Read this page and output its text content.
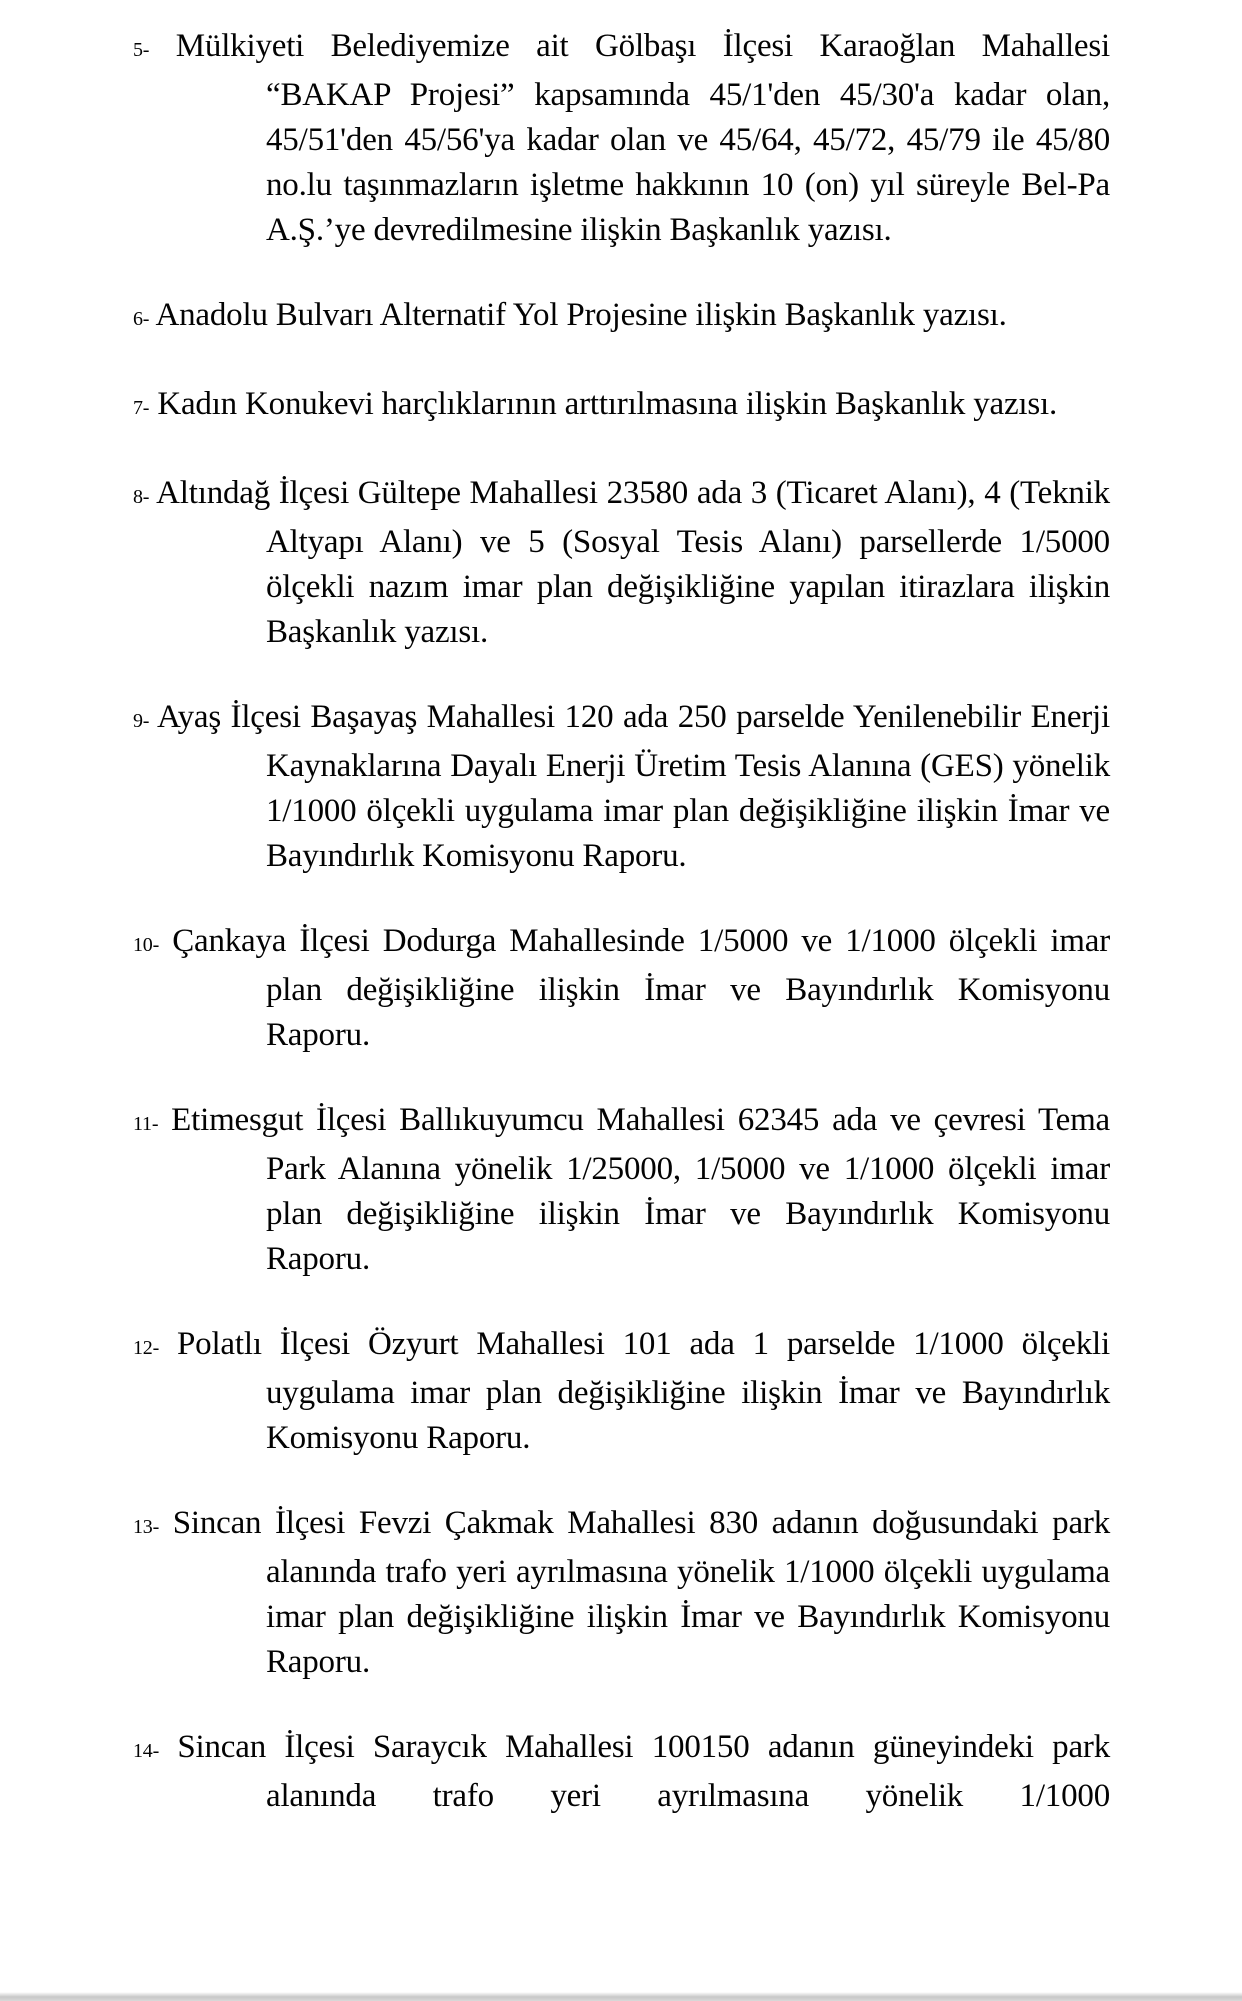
5- Mülkiyeti Belediyemize ait Gölbaşı İlçesi Karaoğlan Mahallesi “BAKAP Projesi” kapsamında 45/1'den 45/30'a kadar olan, 45/51'den 45/56'ya kadar olan ve 45/64, 45/72, 45/79 ile 45/80 no.lu taşınmazların işletme hakkının 10 (on) yıl süreyle Bel-Pa A.Ş.’ye devredilmesine ilişkin Başkanlık yazısı.

6- Anadolu Bulvarı Alternatif Yol Projesine ilişkin Başkanlık yazısı.

7- Kadın Konukevi harçlıklarının arttırılmasına ilişkin Başkanlık yazısı.

8- Altındağ İlçesi Gültepe Mahallesi 23580 ada 3 (Ticaret Alanı), 4 (Teknik Altyapı Alanı) ve 5 (Sosyal Tesis Alanı) parsellerde 1/5000 ölçekli nazım imar plan değişikliğine yapılan itirazlara ilişkin Başkanlık yazısı.

9- Ayaş İlçesi Başayaş Mahallesi 120 ada 250 parselde Yenilenebilir Enerji Kaynaklarına Dayalı Enerji Üretim Tesis Alanına (GES) yönelik 1/1000 ölçekli uygulama imar plan değişikliğine ilişkin İmar ve Bayındırlık Komisyonu Raporu.

10- Çankaya İlçesi Dodurga Mahallesinde 1/5000 ve 1/1000 ölçekli imar plan değişikliğine ilişkin İmar ve Bayındırlık Komisyonu Raporu.

11- Etimesgut İlçesi Ballıkuyumcu Mahallesi 62345 ada ve çevresi Tema Park Alanına yönelik 1/25000, 1/5000 ve 1/1000 ölçekli imar plan değişikliğine ilişkin İmar ve Bayındırlık Komisyonu Raporu.

12- Polatlı İlçesi Özyurt Mahallesi 101 ada 1 parselde 1/1000 ölçekli uygulama imar plan değişikliğine ilişkin İmar ve Bayındırlık Komisyonu Raporu.

13- Sincan İlçesi Fevzi Çakmak Mahallesi 830 adanın doğusundaki park alanında trafo yeri ayrılmasına yönelik 1/1000 ölçekli uygulama imar plan değişikliğine ilişkin İmar ve Bayındırlık Komisyonu Raporu.

14- Sincan İlçesi Saraycık Mahallesi 100150 adanın güneyindeki park alanında trafo yeri ayrılmasına yönelik 1/1000
